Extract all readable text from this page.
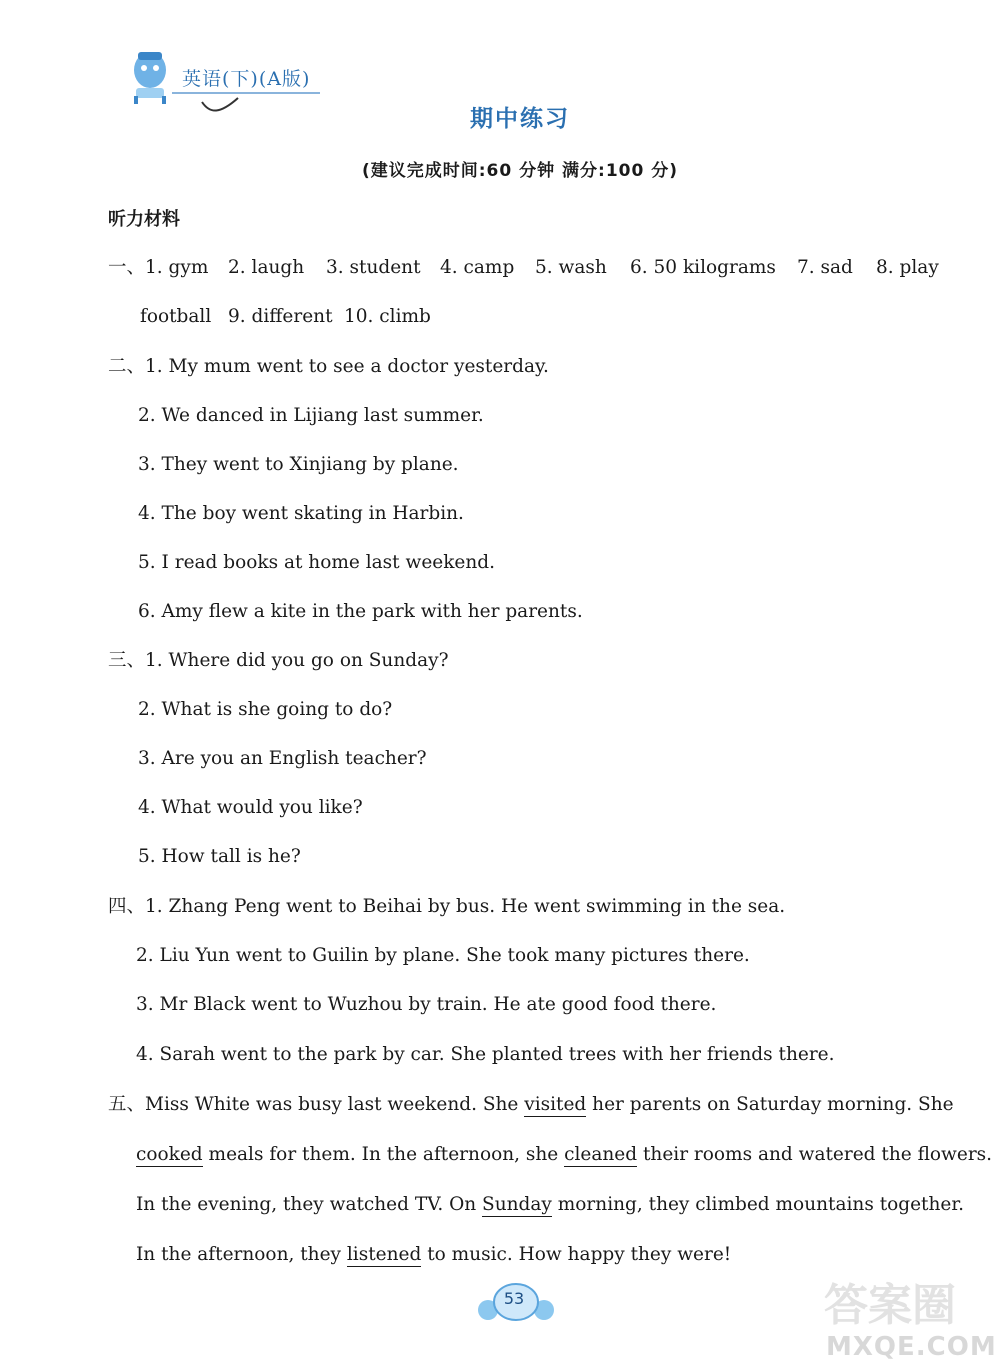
英语(下)(A版)
期中练习
(建议完成时间:60 分钟 满分:100 分)
听力材料
一、1. gym 2. laugh 3. student 4. camp 5. wash 6. 50 kilograms 7. sad 8. play
football 9. different 10. climb
二、1. My mum went to see a doctor yesterday.
2. We danced in Lijiang last summer.
3. They went to Xinjiang by plane.
4. The boy went skating in Harbin.
5. I read books at home last weekend.
6. Amy flew a kite in the park with her parents.
三、1. Where did you go on Sunday?
2. What is she going to do?
3. Are you an English teacher?
4. What would you like?
5. How tall is he?
四、1. Zhang Peng went to Beihai by bus. He went swimming in the sea.
2. Liu Yun went to Guilin by plane. She took many pictures there.
3. Mr Black went to Wuzhou by train. He ate good food there.
4. Sarah went to the park by car. She planted trees with her friends there.
五、Miss White was busy last weekend. She visited her parents on Saturday morning. She
cooked meals for them. In the afternoon, she cleaned their rooms and watered the flowers.
In the evening, they watched TV. On Sunday morning, they climbed mountains together.
In the afternoon, they listened to music. How happy they were!
53	答案圈
MXQE.COM
